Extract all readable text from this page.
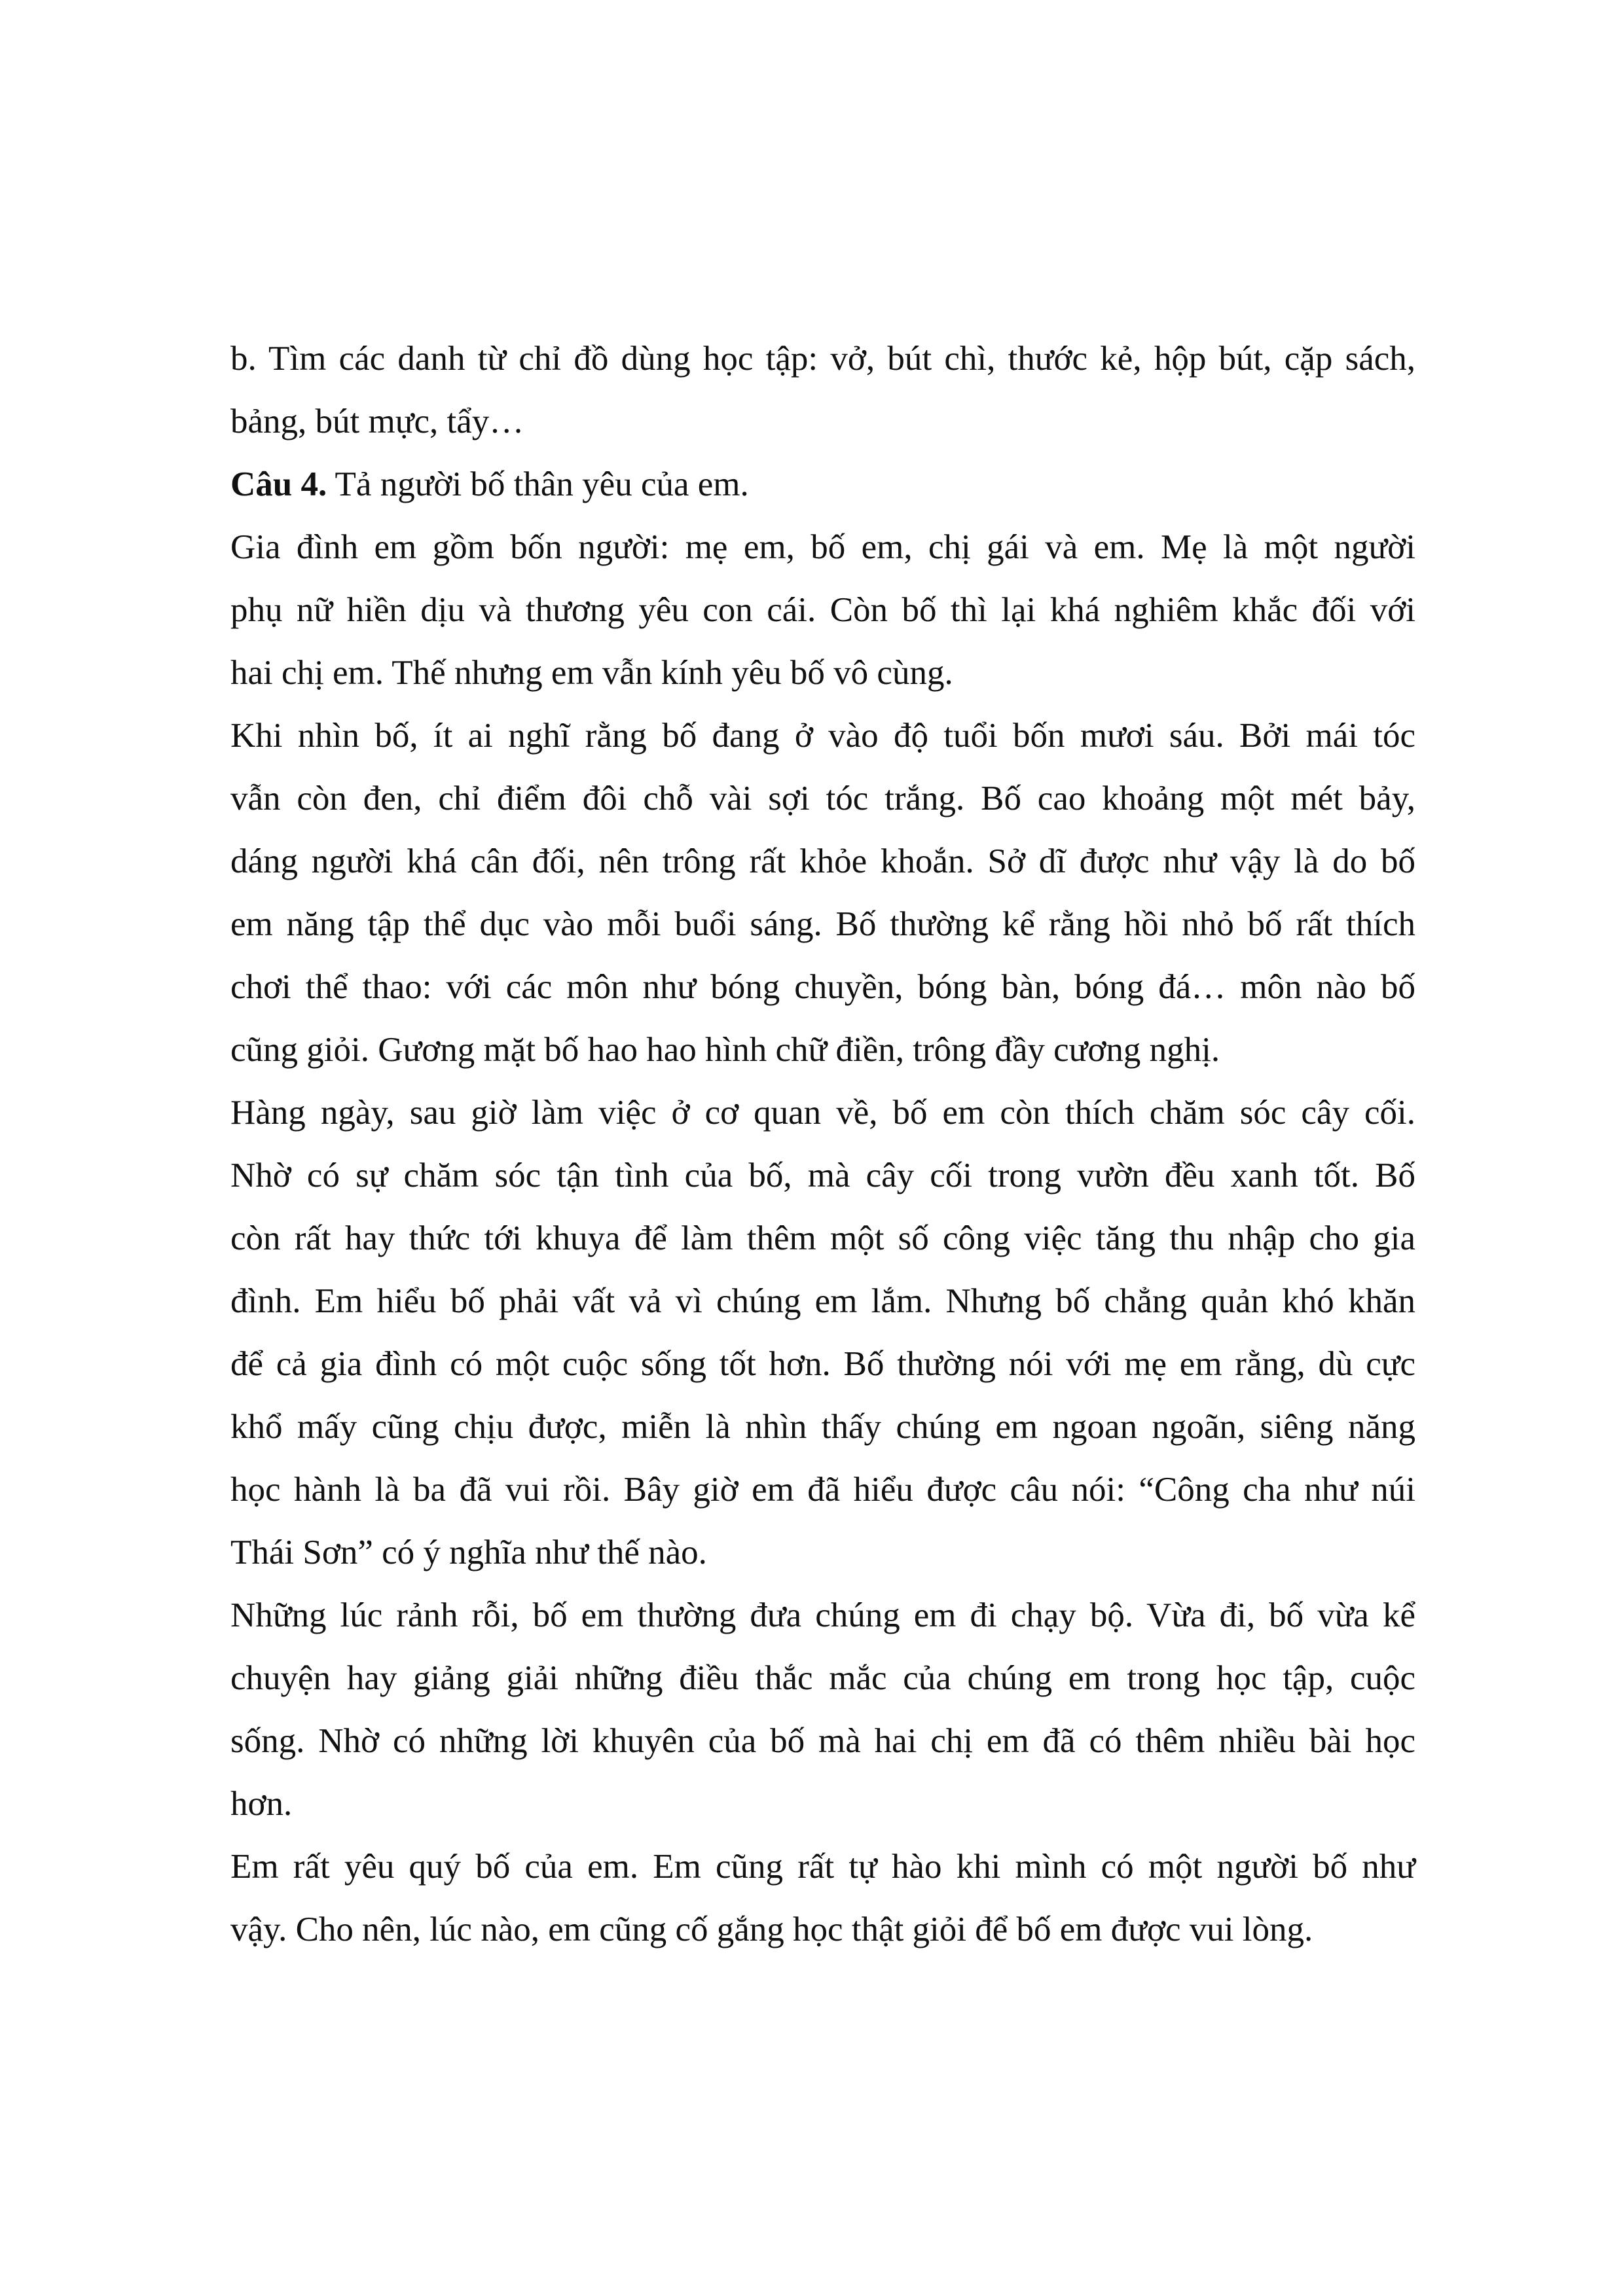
b. Tìm các danh từ chỉ đồ dùng học tập: vở, bút chì, thước kẻ, hộp bút, cặp sách,
bảng, bút mực, tẩy…
Câu 4. Tả người bố thân yêu của em.
Gia đình em gồm bốn người: mẹ em, bố em, chị gái và em. Mẹ là một người
phụ nữ hiền dịu và thương yêu con cái. Còn bố thì lại khá nghiêm khắc đối với
hai chị em. Thế nhưng em vẫn kính yêu bố vô cùng.
Khi nhìn bố, ít ai nghĩ rằng bố đang ở vào độ tuổi bốn mươi sáu. Bởi mái tóc
vẫn còn đen, chỉ điểm đôi chỗ vài sợi tóc trắng. Bố cao khoảng một mét bảy,
dáng người khá cân đối, nên trông rất khỏe khoắn. Sở dĩ được như vậy là do bố
em năng tập thể dục vào mỗi buổi sáng. Bố thường kể rằng hồi nhỏ bố rất thích
chơi thể thao: với các môn như bóng chuyền, bóng bàn, bóng đá… môn nào bố
cũng giỏi. Gương mặt bố hao hao hình chữ điền, trông đầy cương nghị.
Hàng ngày, sau giờ làm việc ở cơ quan về, bố em còn thích chăm sóc cây cối.
Nhờ có sự chăm sóc tận tình của bố, mà cây cối trong vườn đều xanh tốt. Bố
còn rất hay thức tới khuya để làm thêm một số công việc tăng thu nhập cho gia
đình. Em hiểu bố phải vất vả vì chúng em lắm. Nhưng bố chẳng quản khó khăn
để cả gia đình có một cuộc sống tốt hơn. Bố thường nói với mẹ em rằng, dù cực
khổ mấy cũng chịu được, miễn là nhìn thấy chúng em ngoan ngoãn, siêng năng
học hành là ba đã vui rồi. Bây giờ em đã hiểu được câu nói: “Công cha như núi
Thái Sơn” có ý nghĩa như thế nào.
Những lúc rảnh rỗi, bố em thường đưa chúng em đi chạy bộ. Vừa đi, bố vừa kể
chuyện hay giảng giải những điều thắc mắc của chúng em trong học tập, cuộc
sống. Nhờ có những lời khuyên của bố mà hai chị em đã có thêm nhiều bài học
hơn.
Em rất yêu quý bố của em. Em cũng rất tự hào khi mình có một người bố như
vậy. Cho nên, lúc nào, em cũng cố gắng học thật giỏi để bố em được vui lòng.
